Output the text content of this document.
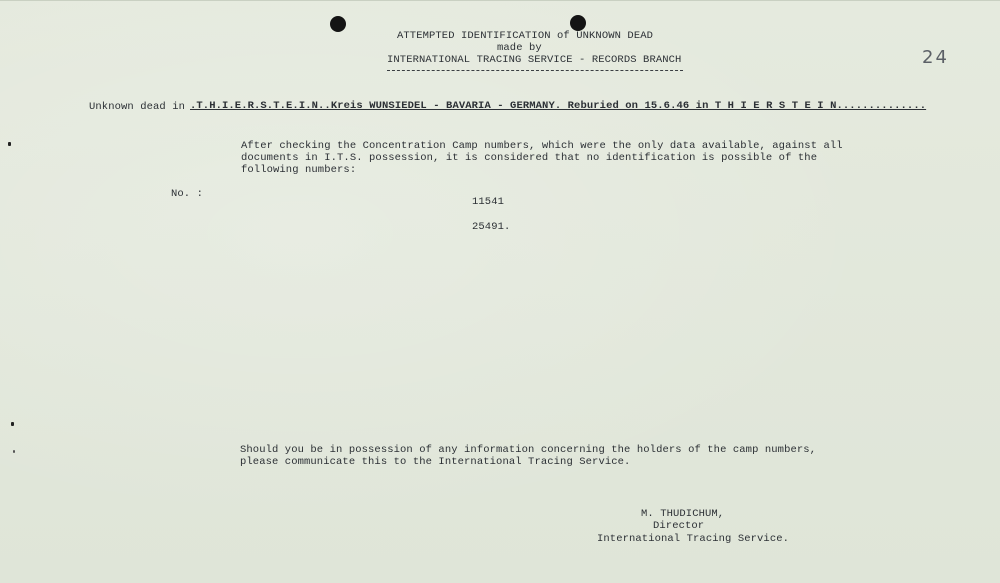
ATTEMPTED IDENTIFICATION of UNKNOWN DEAD
made by
INTERNATIONAL TRACING SERVICE - RECORDS BRANCH	24
Unknown dead in .T.H.I.E.R.S.T.E.I.N..Kreis WUNSIEDEL - BAVARIA - GERMANY. Reburied on 15.6.46 in T H I E R S T E I N..............
After checking the Concentration Camp numbers, which were the only data available, against all
documents in I.T.S. possession, it is considered that no identification is possible of the
following numbers:
No. :
11541
25491.
Should you be in possession of any information concerning the holders of the camp numbers,
please communicate this to the International Tracing Service.
M. THUDICHUM,
Director
International Tracing Service.
